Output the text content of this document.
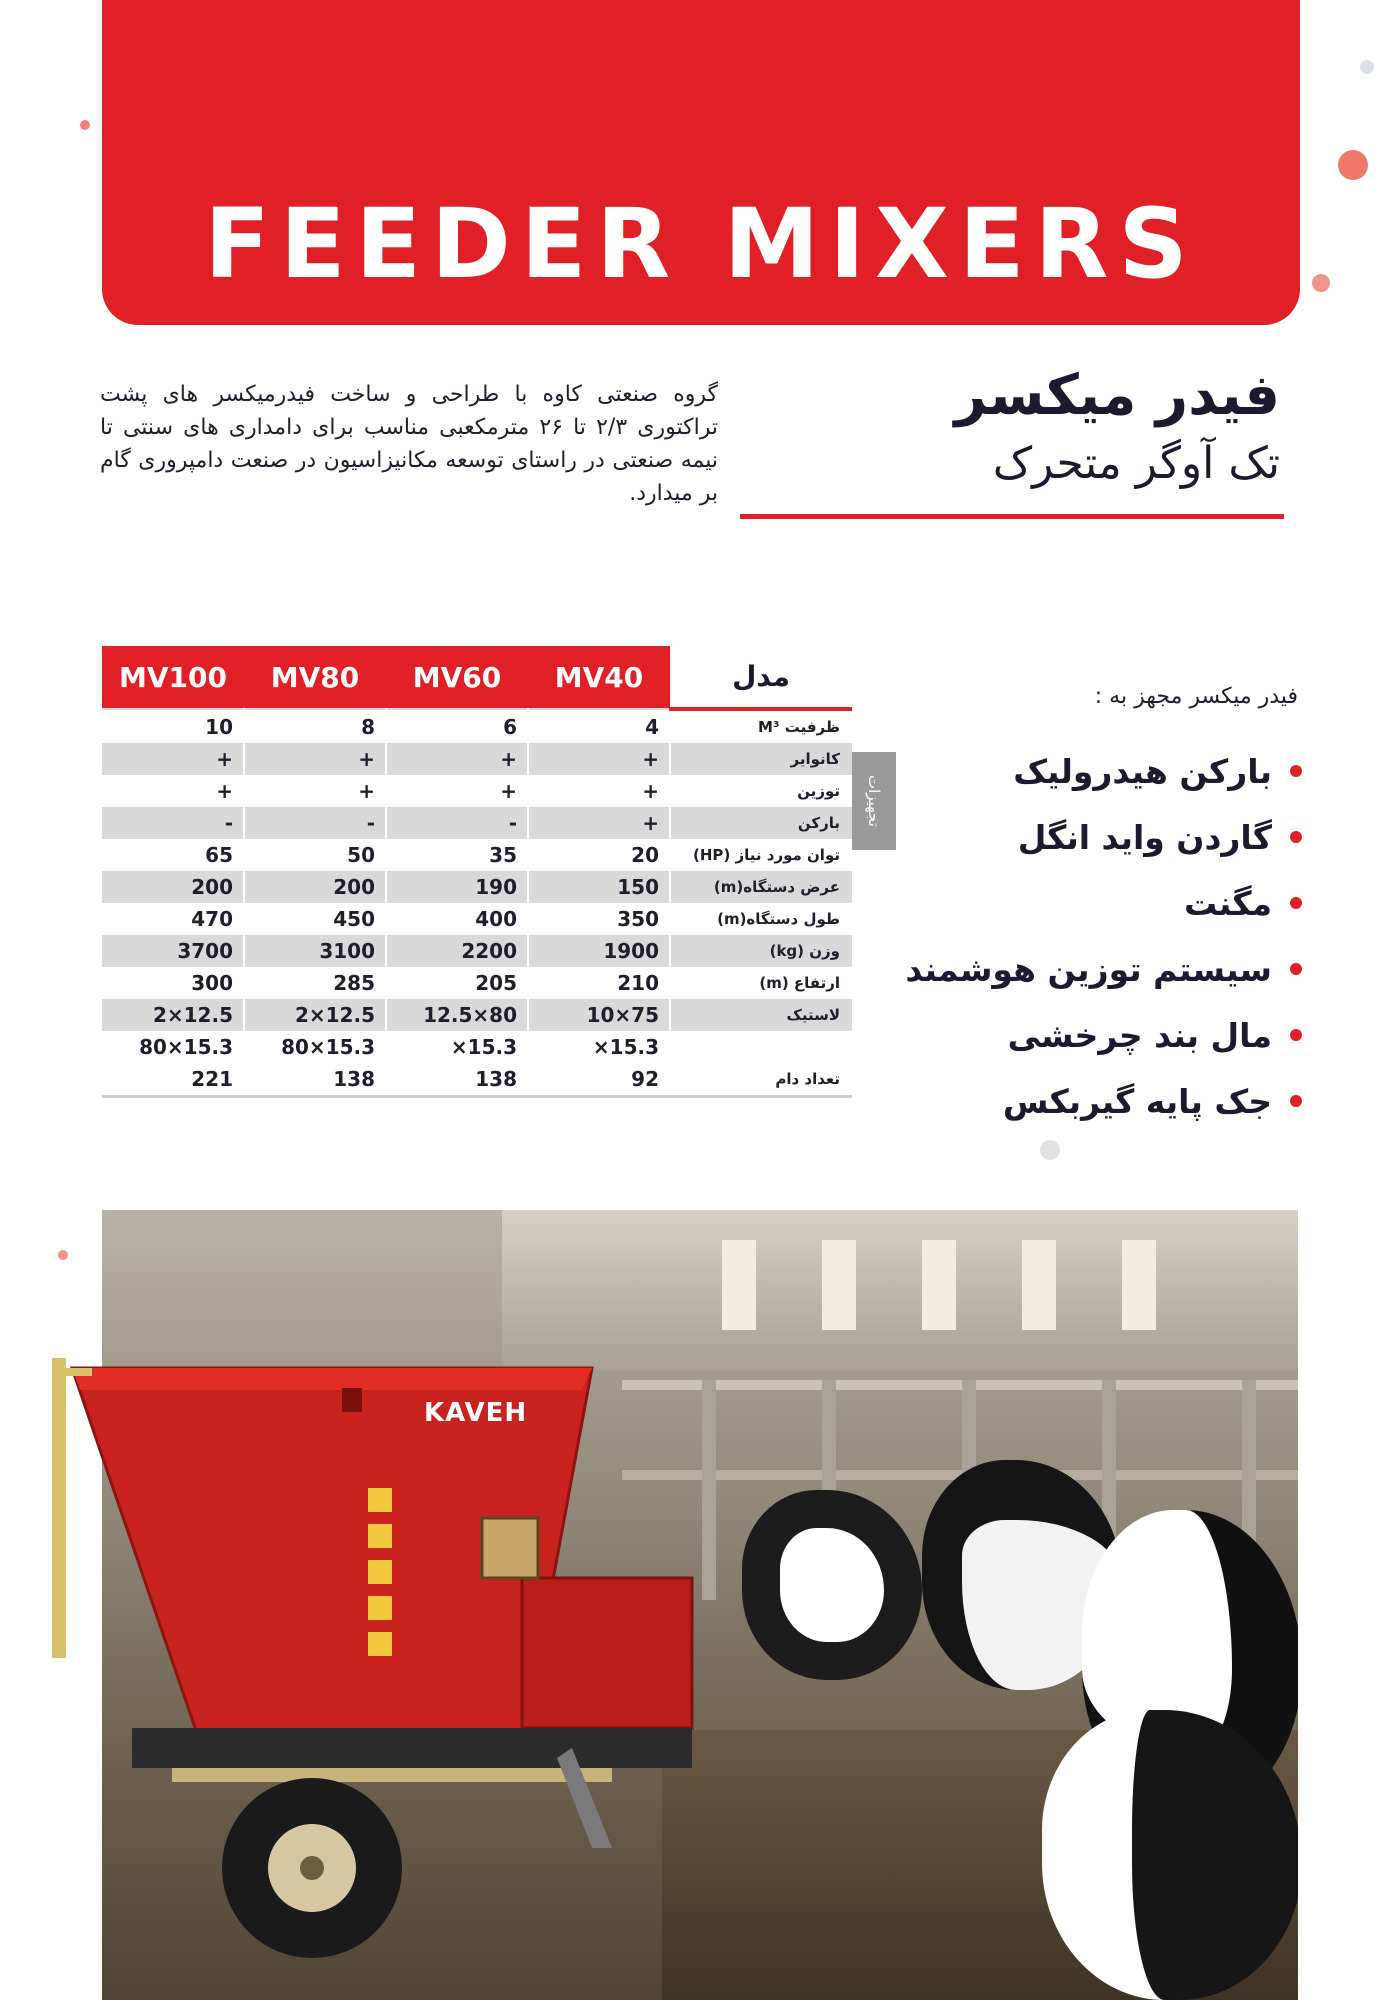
FEEDER MIXERS
فیدر میکسر
تک آوگر متحرک
گروه صنعتی کاوه با طراحی و ساخت فیدرمیکسر های پشت تراکتوری ۲/۳ تا ۲۶ مترمکعبی مناسب برای دامداری های سنتی تا نیمه صنعتی در راستای توسعه مکانیزاسیون در صنعت دامپروری گام بر میدارد.
MV100	MV80	MV60	MV40	مدل
10	8	6	4	ظرفیت M³
+	+	+	+	کانوایر
+	+	+	+	توزین
-	-	-	+	بارکن
65	50	35	20	توان مورد نیاز (HP)
200	200	190	150	عرض دستگاه(m)
470	450	400	350	طول دستگاه(m)
3700	3100	2200	1900	وزن (kg)
300	285	205	210	ارتفاع (m)
2×12.5	2×12.5	12.5×80	10×75	لاستیک
80×15.3	80×15.3	×15.3	×15.3	
221	138	138	92	تعداد دام
تجهیزات
فیدر میکسر مجهز به :
بارکن هیدرولیک
گاردن واید انگل
مگنت
سیستم توزین هوشمند
مال بند چرخشی
جک پایه گیربکس
KAVEH
